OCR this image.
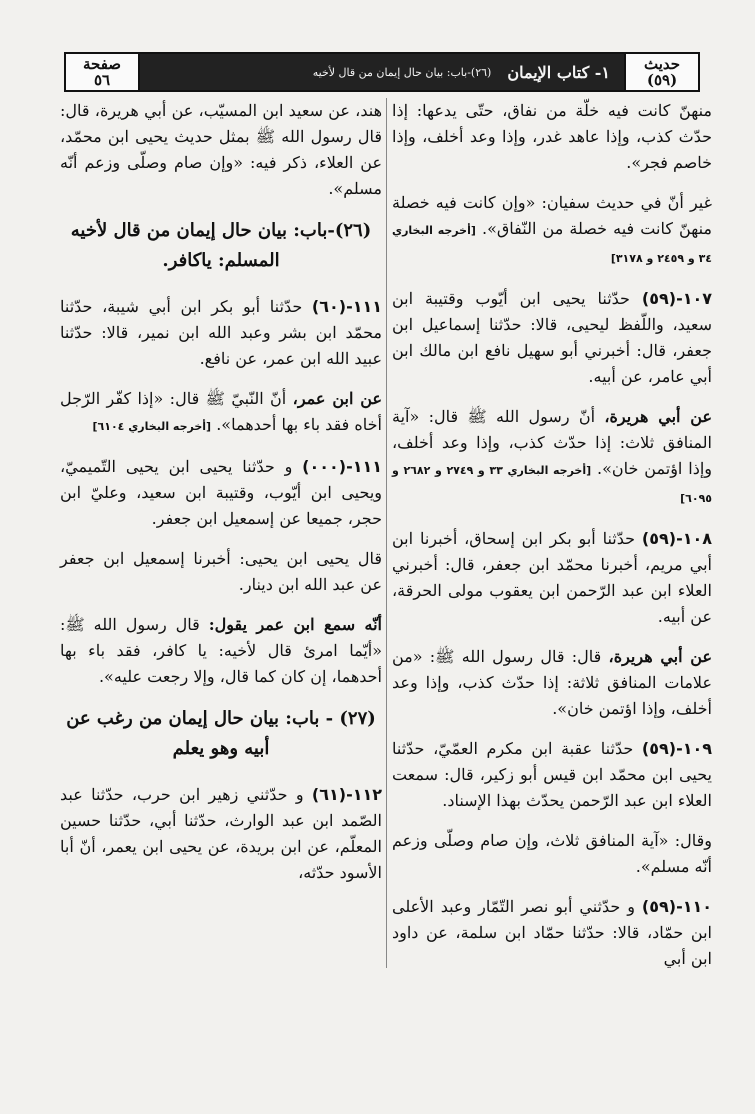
حديث
(٥٩)
١- كتاب الإيمان
(٢٦)-باب: بيان حال إيمان من قال لأخيه
صفحة
٥٦

منهنّ كانت فيه خلّة من نفاق، حتّى يدعها: إذا حدّث كذب، وإذا عاهد غدر، وإذا وعد أخلف، وإذا خاصم فجر».

غير أنّ في حديث سفيان: «وإن كانت فيه خصلة منهنّ كانت فيه خصلة من النّفاق». [أخرجه البخاري ٣٤ و ٢٤٥٩ و ٣١٧٨]

١٠٧-(٥٩) حدّثنا يحيى ابن أيّوب وقتيبة ابن سعيد، واللّفظ ليحيى، قالا: حدّثنا إسماعيل ابن جعفر، قال: أخبرني أبو سهيل نافع ابن مالك ابن أبي عامر، عن أبيه.

عن أبي هريرة، أنّ رسول الله ﷺ قال: «آية المنافق ثلاث: إذا حدّث كذب، وإذا وعد أخلف، وإذا اؤتمن خان». [أخرجه البخاري ٣٣ و ٢٧٤٩ و ٢٦٨٢ و ٦٠٩٥]

١٠٨-(٥٩) حدّثنا أبو بكر ابن إسحاق، أخبرنا ابن أبي مريم، أخبرنا محمّد ابن جعفر، قال: أخبرني العلاء ابن عبد الرّحمن ابن يعقوب مولى الحرقة، عن أبيه.

عن أبي هريرة، قال: قال رسول الله ﷺ: «من علامات المنافق ثلاثة: إذا حدّث كذب، وإذا وعد أخلف، وإذا اؤتمن خان».

١٠٩-(٥٩) حدّثنا عقبة ابن مكرم العمّيّ، حدّثنا يحيى ابن محمّد ابن قيس أبو زكير، قال: سمعت العلاء ابن عبد الرّحمن يحدّث بهذا الإسناد.

وقال: «آية المنافق ثلاث، وإن صام وصلّى وزعم أنّه مسلم».

١١٠-(٥٩) و حدّثني أبو نصر التّمّار وعبد الأعلى ابن حمّاد، قالا: حدّثنا حمّاد ابن سلمة، عن داود ابن أبي

هند، عن سعيد ابن المسيّب، عن أبي هريرة، قال: قال رسول الله ﷺ بمثل حديث يحيى ابن محمّد، عن العلاء، ذكر فيه: «وإن صام وصلّى وزعم أنّه مسلم».

(٢٦)-باب: بيان حال إيمان من قال لأخيه المسلم: ياكافر.

١١١-(٦٠) حدّثنا أبو بكر ابن أبي شيبة، حدّثنا محمّد ابن بشر وعبد الله ابن نمير، قالا: حدّثنا عبيد الله ابن عمر، عن نافع.

عن ابن عمر، أنّ النّبيّ ﷺ قال: «إذا كفّر الرّجل أخاه فقد باء بها أحدهما». [أخرجه البخاري ٦١٠٤]

١١١-(٠٠٠) و حدّثنا يحيى ابن يحيى التّميميّ، ويحيى ابن أيّوب، وقتيبة ابن سعيد، وعليّ ابن حجر، جميعا عن إسمعيل ابن جعفر.

قال يحيى ابن يحيى: أخبرنا إسمعيل ابن جعفر عن عبد الله ابن دينار.

أنّه سمع ابن عمر يقول: قال رسول الله ﷺ: «أيّما امرئ قال لأخيه: يا كافر، فقد باء بها أحدهما، إن كان كما قال، وإلا رجعت عليه».

(٢٧) - باب: بيان حال إيمان من رغب عن أبيه وهو يعلم

١١٢-(٦١) و حدّثني زهير ابن حرب، حدّثنا عبد الصّمد ابن عبد الوارث، حدّثنا أبي، حدّثنا حسين المعلّم، عن ابن بريدة، عن يحيى ابن يعمر، أنّ أبا الأسود حدّثه،
